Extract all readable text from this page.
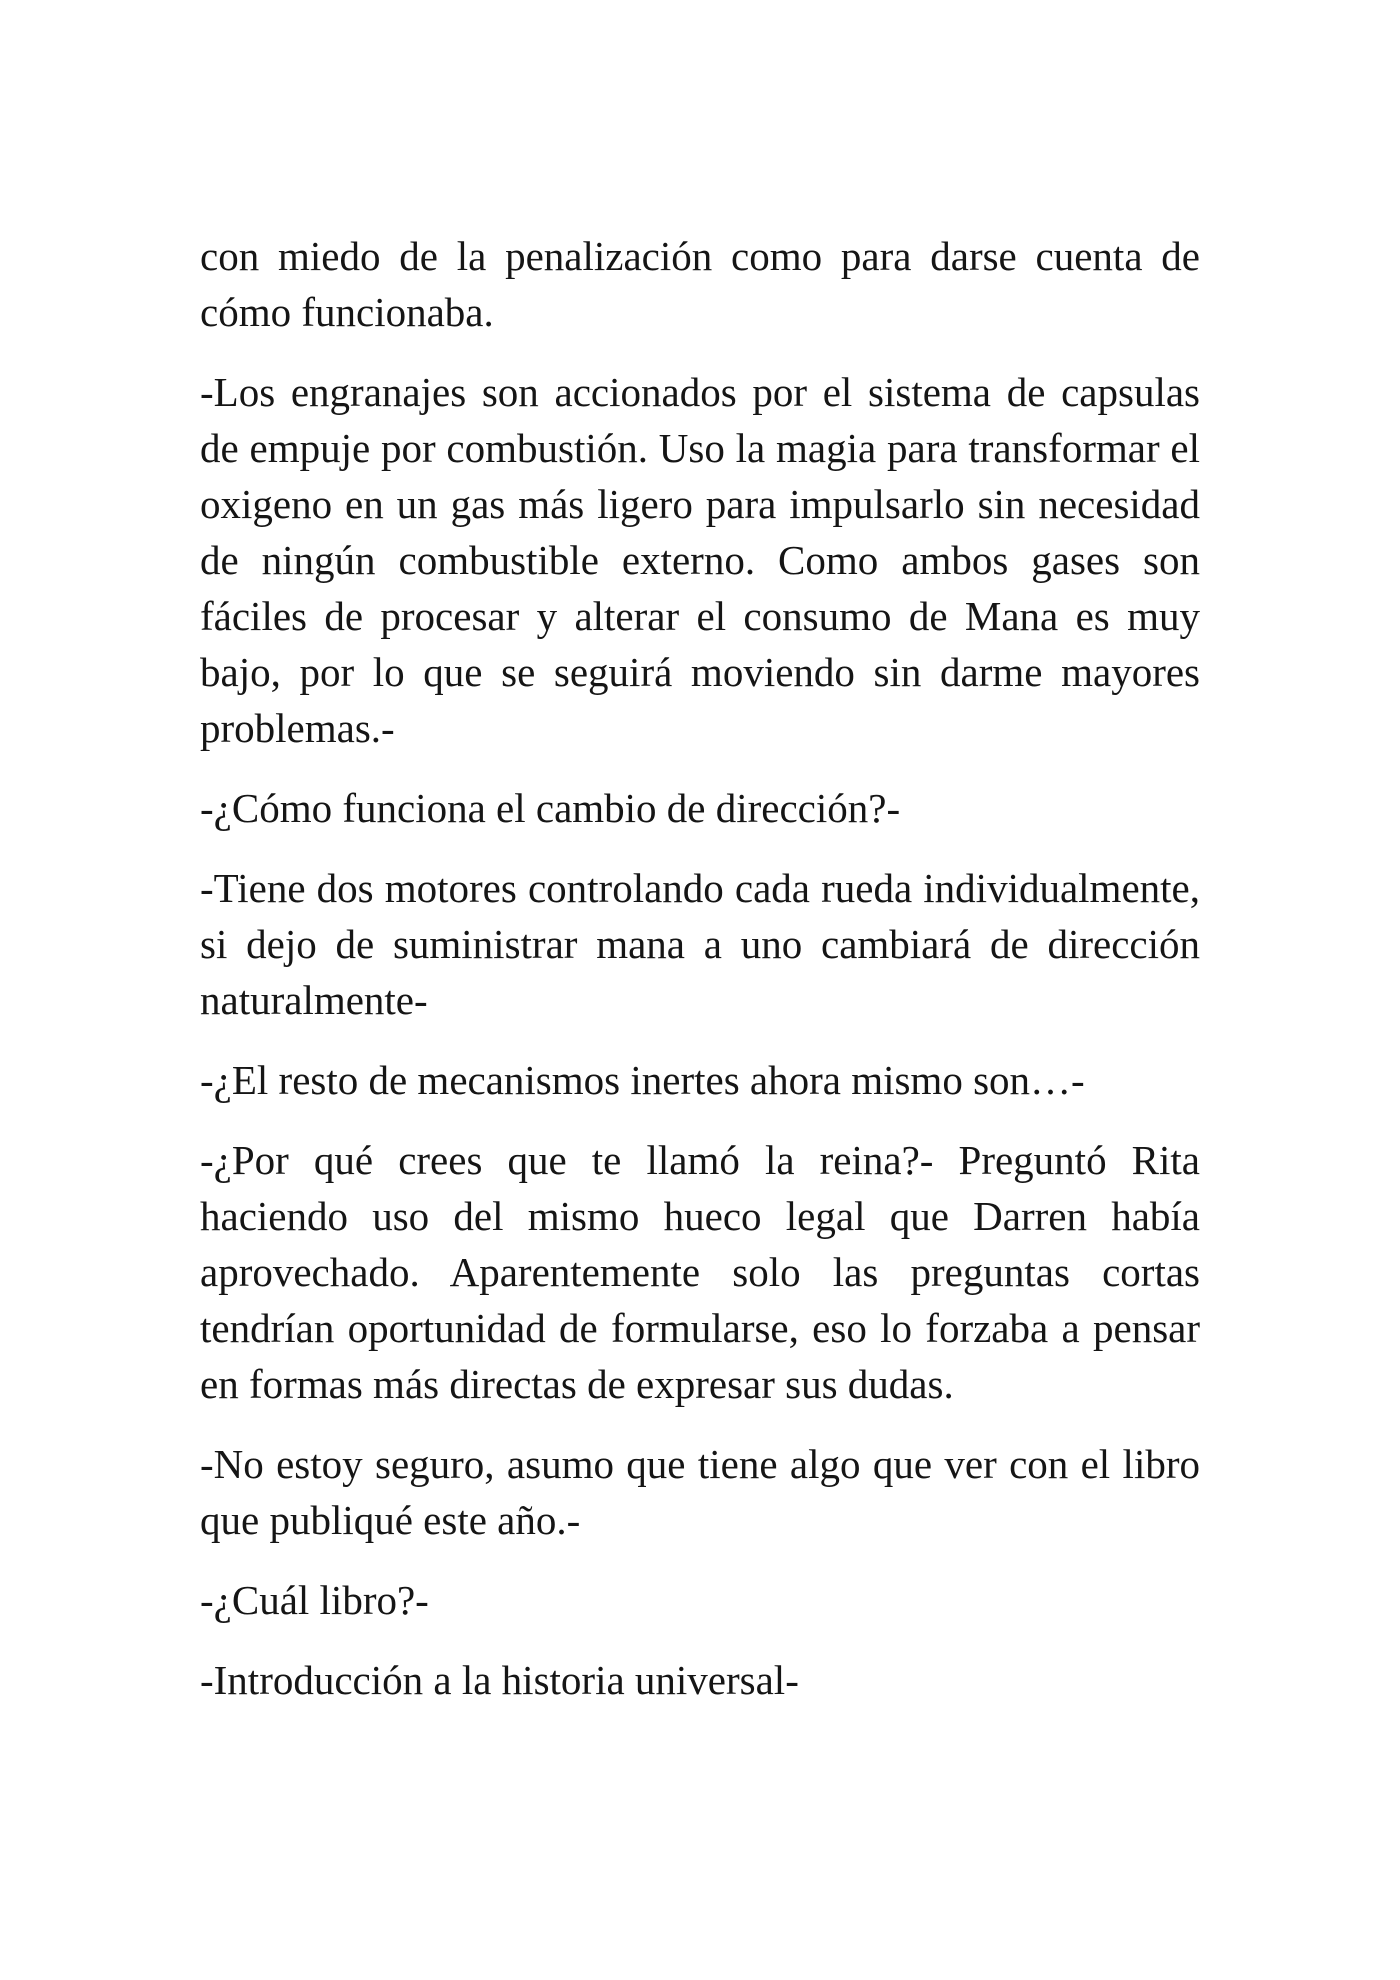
con miedo de la penalización como para darse cuenta de cómo funcionaba.

-Los engranajes son accionados por el sistema de capsulas de empuje por combustión. Uso la magia para transformar el oxigeno en un gas más ligero para impulsarlo sin necesidad de ningún combustible externo. Como ambos gases son fáciles de procesar y alterar el consumo de Mana es muy bajo, por lo que se seguirá moviendo sin darme mayores problemas.-

-¿Cómo funciona el cambio de dirección?-

-Tiene dos motores controlando cada rueda individualmente, si dejo de suministrar mana a uno cambiará de dirección naturalmente-

-¿El resto de mecanismos inertes ahora mismo son…-

-¿Por qué crees que te llamó la reina?- Preguntó Rita haciendo uso del mismo hueco legal que Darren había aprovechado. Aparentemente solo las preguntas cortas tendrían oportunidad de formularse, eso lo forzaba a pensar en formas más directas de expresar sus dudas.

-No estoy seguro, asumo que tiene algo que ver con el libro que publiqué este año.-

-¿Cuál libro?-

-Introducción a la historia universal-
